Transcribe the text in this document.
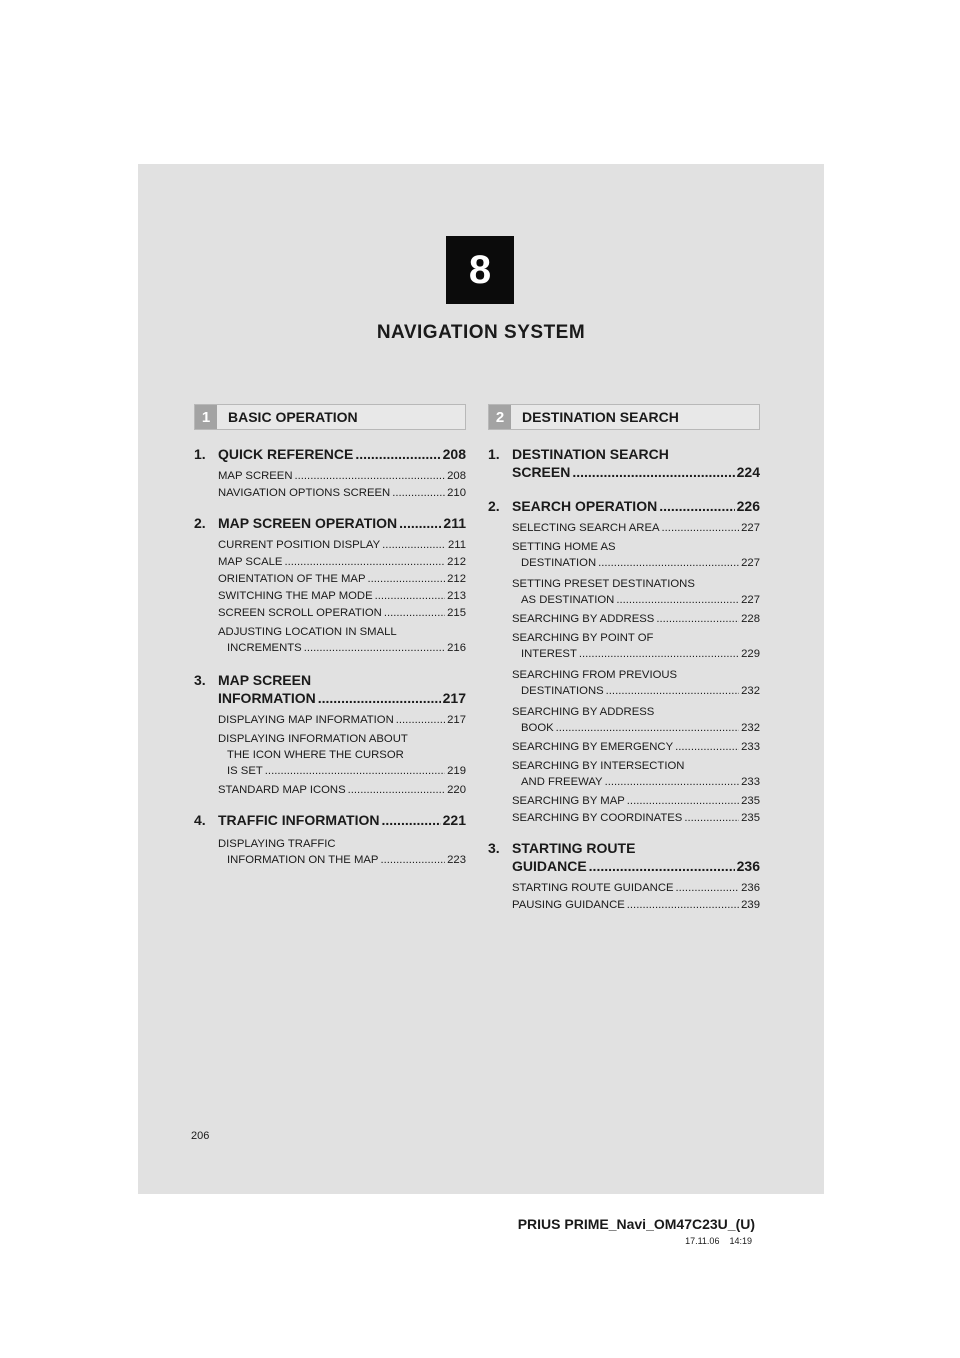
8
NAVIGATION SYSTEM
1	BASIC OPERATION
1. QUICK REFERENCE .....	208
MAP SCREEN .....	208
NAVIGATION OPTIONS SCREEN .....	210
2. MAP SCREEN OPERATION .....	211
CURRENT POSITION DISPLAY .....	211
MAP SCALE .....	212
ORIENTATION OF THE MAP .....	212
SWITCHING THE MAP MODE .....	213
SCREEN SCROLL OPERATION .....	215
ADJUSTING LOCATION IN SMALL
INCREMENTS .....	216
3. MAP SCREEN
INFORMATION .....	217
DISPLAYING MAP INFORMATION .....	217
DISPLAYING INFORMATION ABOUT
THE ICON WHERE THE CURSOR
IS SET .....	219
STANDARD MAP ICONS .....	220
4. TRAFFIC INFORMATION .....	221
DISPLAYING TRAFFIC
INFORMATION ON THE MAP .....	223
2	DESTINATION SEARCH
1. DESTINATION SEARCH
SCREEN .....	224
2. SEARCH OPERATION .....	226
SELECTING SEARCH AREA .....	227
SETTING HOME AS
DESTINATION .....	227
SETTING PRESET DESTINATIONS
AS DESTINATION .....	227
SEARCHING BY ADDRESS .....	228
SEARCHING BY POINT OF
INTEREST .....	229
SEARCHING FROM PREVIOUS
DESTINATIONS .....	232
SEARCHING BY ADDRESS
BOOK .....	232
SEARCHING BY EMERGENCY .....	233
SEARCHING BY INTERSECTION
AND FREEWAY .....	233
SEARCHING BY MAP .....	235
SEARCHING BY COORDINATES .....	235
3. STARTING ROUTE
GUIDANCE .....	236
STARTING ROUTE GUIDANCE .....	236
PAUSING GUIDANCE .....	239
206
PRIUS PRIME_Navi_OM47C23U_(U)
17.11.06 14:19
